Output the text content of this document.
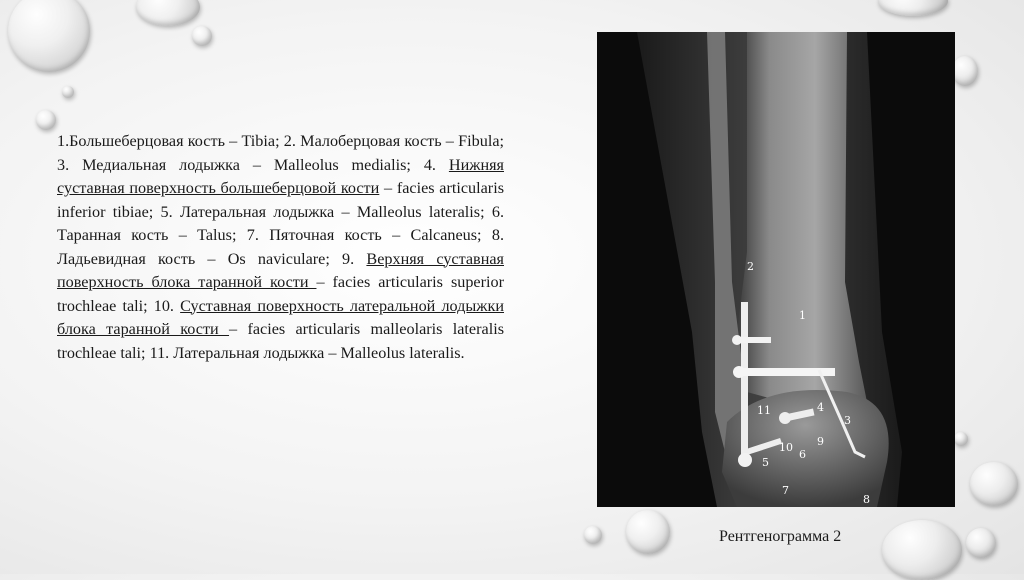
1.Большеберцовая кость – Tibia; 2. Малоберцовая кость – Fibula; 3. Медиальная лодыжка – Malleolus medialis; 4. Нижняя суставная поверхность большеберцовой кости – facies articularis inferior tibiae; 5. Латеральная лодыжка – Malleolus lateralis; 6. Таранная кость – Talus; 7. Пяточная кость – Calcaneus; 8. Ладьевидная кость – Os naviculare; 9. Верхняя суставная поверхность блока таранной кости – facies articularis superior trochleae tali; 10. Суставная поверхность латеральной лодыжки блока таранной кости – facies articularis malleolaris lateralis trochleae tali; 11. Латеральная лодыжка – Malleolus lateralis.
1
2
3
4
5
6
7
8
9
10
11
Рентгенограмма 2
